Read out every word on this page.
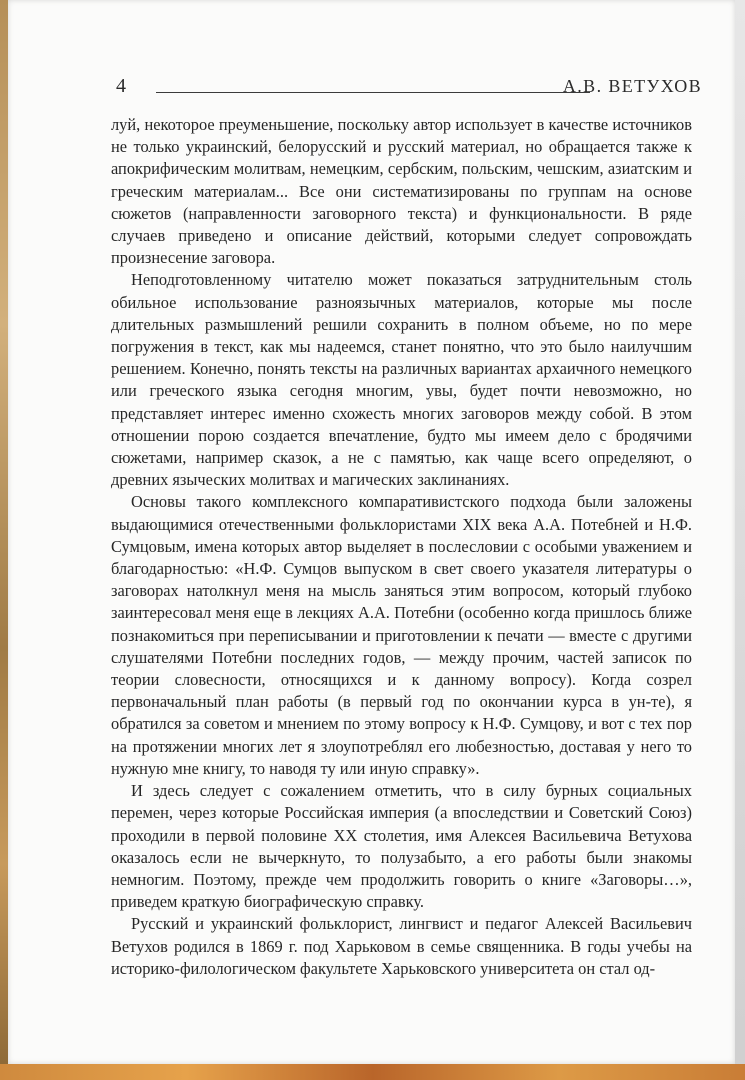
4	А.В. ВЕТУХОВ

луй, некоторое преуменьшение, поскольку автор использует в качестве источников не только украинский, белорусский и русский материал, но обращается также к апокрифическим молитвам, немецким, сербским, польским, чешским, азиатским и греческим материалам... Все они систематизированы по группам на основе сюжетов (направленности заговорного текста) и функциональности. В ряде случаев приведено и описание действий, которыми следует сопровождать произнесение заговора.

Неподготовленному читателю может показаться затруднительным столь обильное использование разноязычных материалов, которые мы после длительных размышлений решили сохранить в полном объеме, но по мере погружения в текст, как мы надеемся, станет понятно, что это было наилучшим решением. Конечно, понять тексты на различных вариантах архаичного немецкого или греческого языка сегодня многим, увы, будет почти невозможно, но представляет интерес именно схожесть многих заговоров между собой. В этом отношении порою создается впечатление, будто мы имеем дело с бродячими сюжетами, например сказок, а не с памятью, как чаще всего определяют, о древних языческих молитвах и магических заклинаниях.

Основы такого комплексного компаративистского подхода были заложены выдающимися отечественными фольклористами XIX века А.А. Потебней и Н.Ф. Сумцовым, имена которых автор выделяет в послесловии с особыми уважением и благодарностью: «Н.Ф. Сумцов выпуском в свет своего указателя литературы о заговорах натолкнул меня на мысль заняться этим вопросом, который глубоко заинтересовал меня еще в лекциях А.А. Потебни (особенно когда пришлось ближе познакомиться при переписывании и приготовлении к печати — вместе с другими слушателями Потебни последних годов, — между прочим, частей записок по теории словесности, относящихся и к данному вопросу). Когда созрел первоначальный план работы (в первый год по окончании курса в ун-те), я обратился за советом и мнением по этому вопросу к Н.Ф. Сумцову, и вот с тех пор на протяжении многих лет я злоупотреблял его любезностью, доставая у него то нужную мне книгу, то наводя ту или иную справку».

И здесь следует с сожалением отметить, что в силу бурных социальных перемен, через которые Российская империя (а впоследствии и Советский Союз) проходили в первой половине XX столетия, имя Алексея Васильевича Ветухова оказалось если не вычеркнуто, то полузабыто, а его работы были знакомы немногим. Поэтому, прежде чем продолжить говорить о книге «Заговоры…», приведем краткую биографическую справку.

Русский и украинский фольклорист, лингвист и педагог Алексей Васильевич Ветухов родился в 1869 г. под Харьковом в семье священника. В годы учебы на историко-филологическом факультете Харьковского университета он стал од-
